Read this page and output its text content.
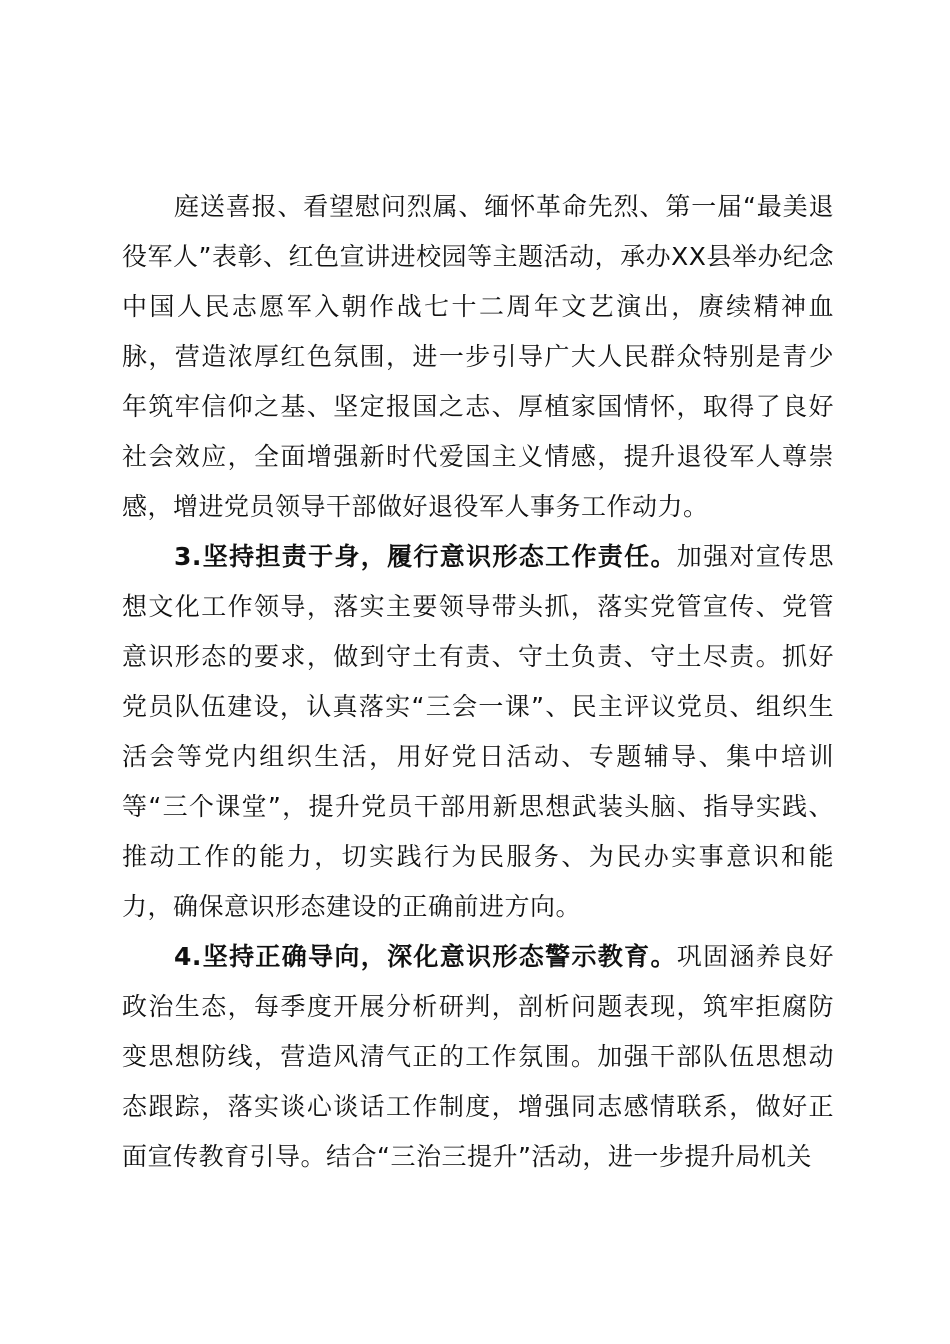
庭送喜报、看望慰问烈属、缅怀革命先烈、第一届“最美退役军人”表彰、红色宣讲进校园等主题活动，承办XX县举办纪念中国人民志愿军入朝作战七十二周年文艺演出，赓续精神血脉，营造浓厚红色氛围，进一步引导广大人民群众特别是青少年筑牢信仰之基、坚定报国之志、厚植家国情怀，取得了良好社会效应，全面增强新时代爱国主义情感，提升退役军人尊崇感，增进党员领导干部做好退役军人事务工作动力。

3.坚持担责于身，履行意识形态工作责任。加强对宣传思想文化工作领导，落实主要领导带头抓，落实党管宣传、党管意识形态的要求，做到守土有责、守土负责、守土尽责。抓好党员队伍建设，认真落实“三会一课”、民主评议党员、组织生活会等党内组织生活，用好党日活动、专题辅导、集中培训等“三个课堂”，提升党员干部用新思想武装头脑、指导实践、推动工作的能力，切实践行为民服务、为民办实事意识和能力，确保意识形态建设的正确前进方向。

4.坚持正确导向，深化意识形态警示教育。巩固涵养良好政治生态，每季度开展分析研判，剖析问题表现，筑牢拒腐防变思想防线，营造风清气正的工作氛围。加强干部队伍思想动态跟踪，落实谈心谈话工作制度，增强同志感情联系，做好正面宣传教育引导。结合“三治三提升”活动，进一步提升局机关
